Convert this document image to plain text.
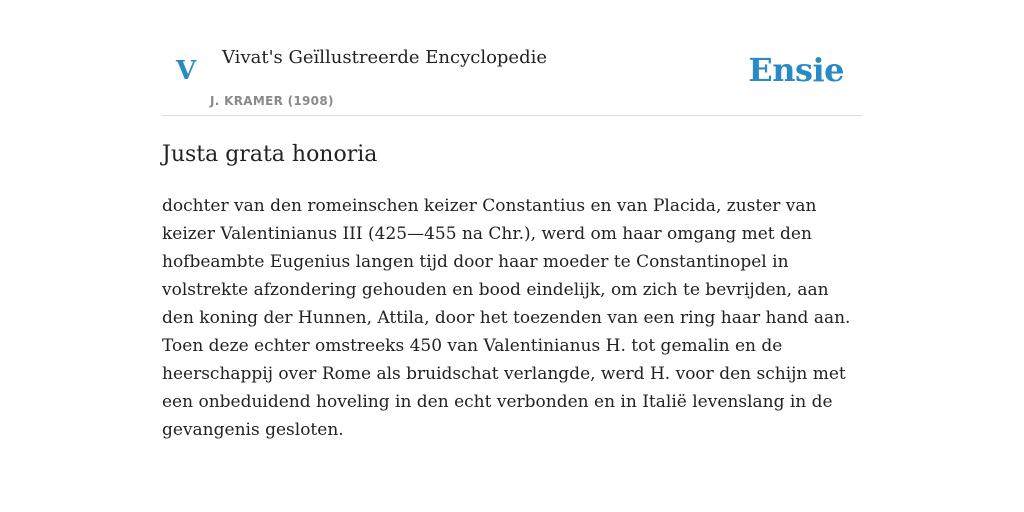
V Vivat's Geïllustreerde Encyclopedie
J. KRAMER (1908)
Ensie
Justa grata honoria

dochter van den romeinschen keizer Constantius en van Placida, zuster van keizer Valentinianus III (425—455 na Chr.), werd om haar omgang met den hofbeambte Eugenius langen tijd door haar moeder te Constantinopel in volstrekte afzondering gehouden en bood eindelijk, om zich te bevrijden, aan den koning der Hunnen, Attila, door het toezenden van een ring haar hand aan. Toen deze echter omstreeks 450 van Valentinianus H. tot gemalin en de heerschappij over Rome als bruidschat verlangde, werd H. voor den schijn met een onbeduidend hoveling in den echt verbonden en in Italië levenslang in de gevangenis gesloten.
